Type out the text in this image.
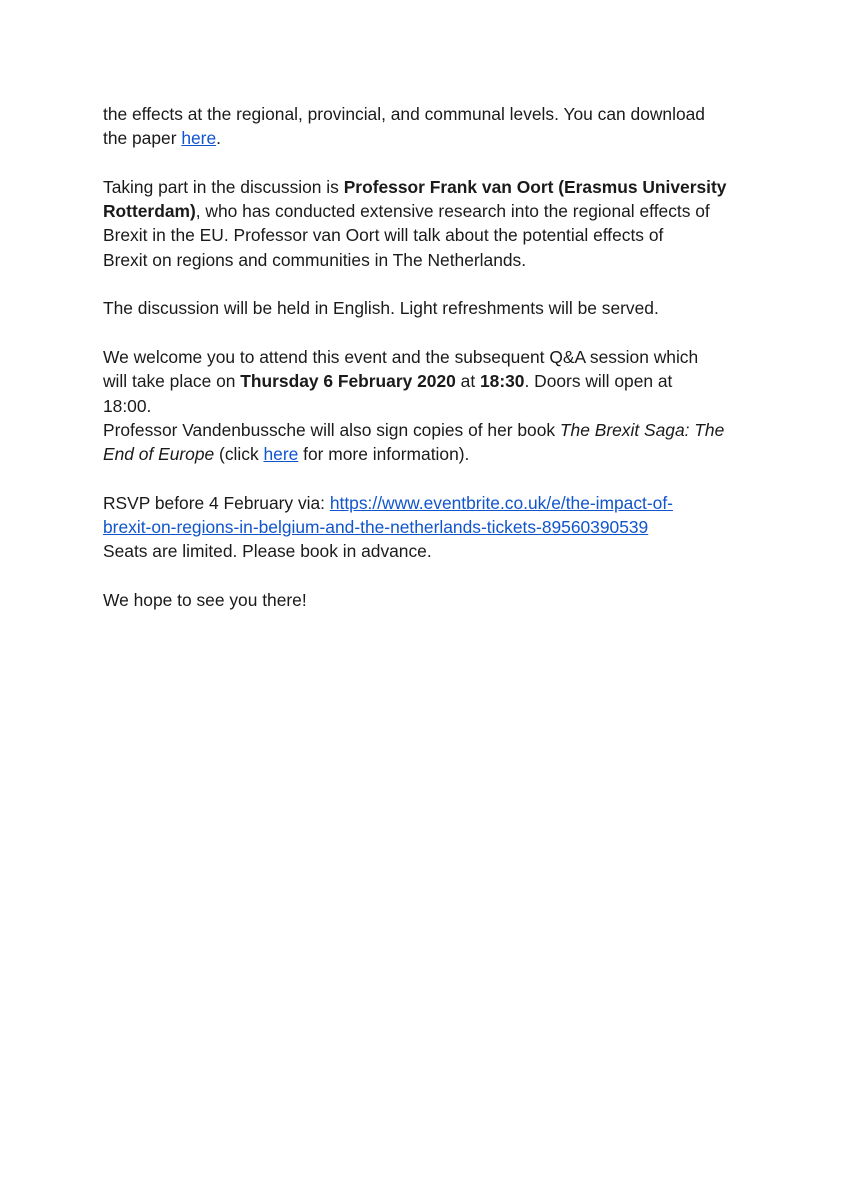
the effects at the regional, provincial, and communal levels. You can download
the paper here.

Taking part in the discussion is Professor Frank van Oort (Erasmus University
Rotterdam), who has conducted extensive research into the regional effects of
Brexit in the EU. Professor van Oort will talk about the potential effects of
Brexit on regions and communities in The Netherlands.

The discussion will be held in English. Light refreshments will be served.

We welcome you to attend this event and the subsequent Q&A session which
will take place on Thursday 6 February 2020 at 18:30. Doors will open at
18:00.
Professor Vandenbussche will also sign copies of her book The Brexit Saga: The
End of Europe (click here for more information).

RSVP before 4 February via: https://www.eventbrite.co.uk/e/the-impact-of-
brexit-on-regions-in-belgium-and-the-netherlands-tickets-89560390539
Seats are limited. Please book in advance.

We hope to see you there!
